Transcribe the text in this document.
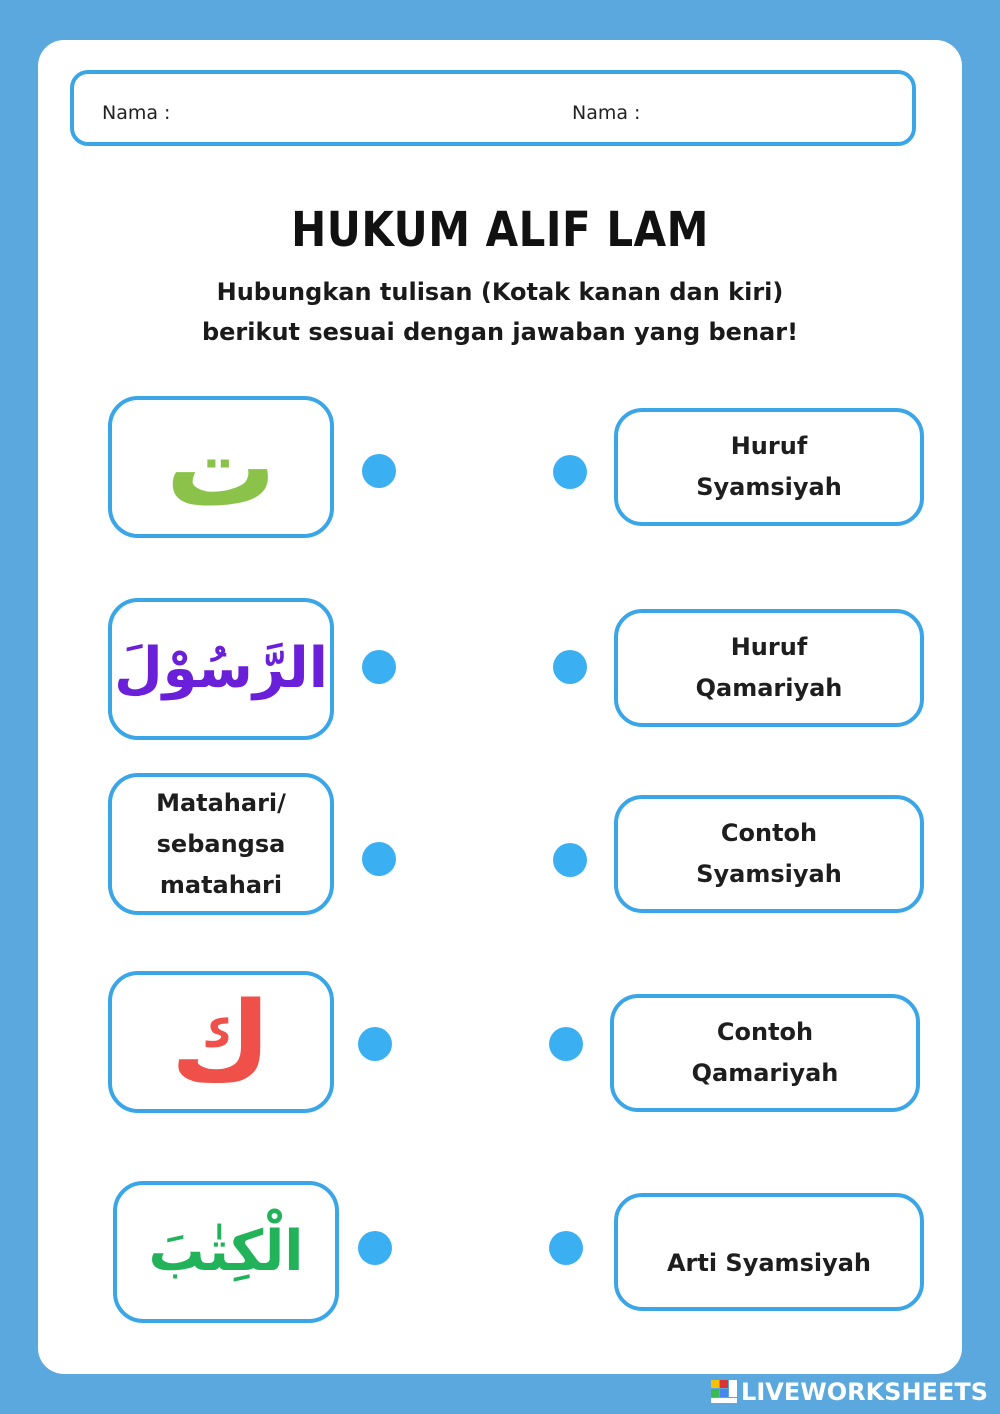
Nama :	Nama :
HUKUM ALIF LAM
Hubungkan tulisan (Kotak kanan dan kiri)
berikut sesuai dengan jawaban yang benar!
ت
الرَّسُوْلَ
Matahari/
sebangsa
matahari
ك
الْكِتٰبَ
Huruf
Syamsiyah
Huruf
Qamariyah
Contoh
Syamsiyah
Contoh
Qamariyah
Arti Syamsiyah
LIVEWORKSHEETS
